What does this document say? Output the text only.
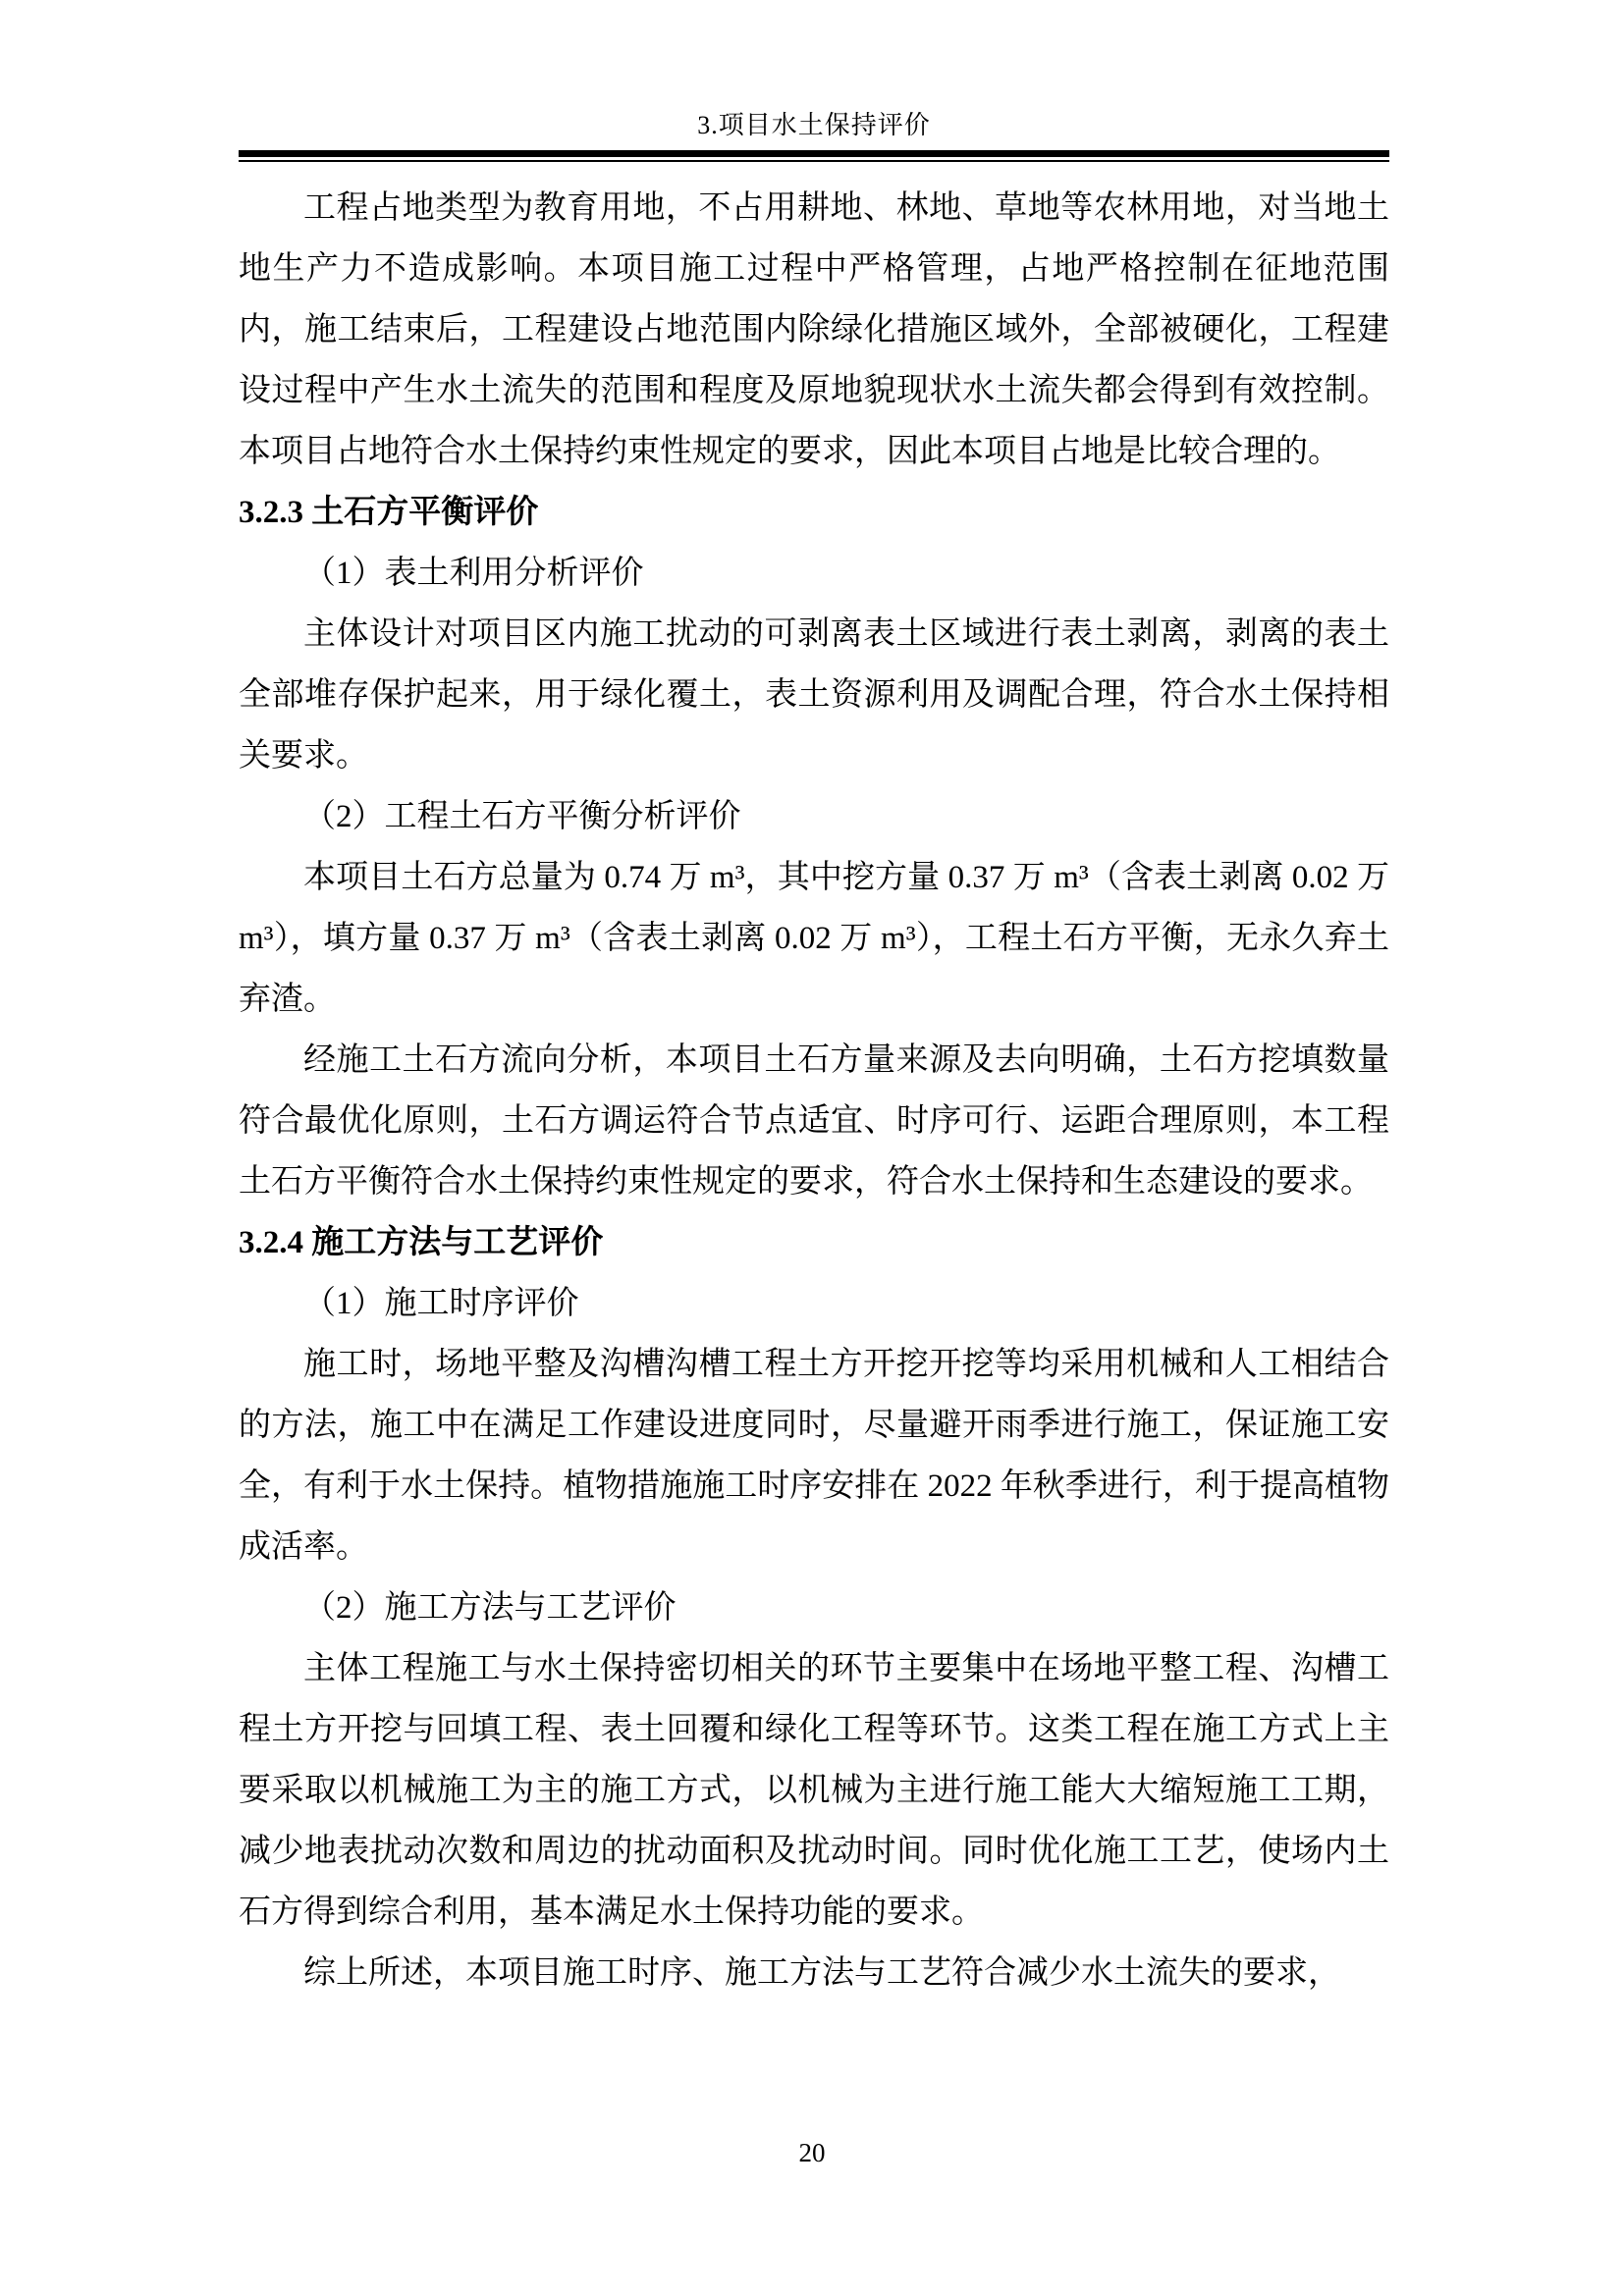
3.项目水土保持评价

工程占地类型为教育用地，不占用耕地、林地、草地等农林用地，对当地土地生产力不造成影响。本项目施工过程中严格管理，占地严格控制在征地范围内，施工结束后，工程建设占地范围内除绿化措施区域外，全部被硬化，工程建设过程中产生水土流失的范围和程度及原地貌现状水土流失都会得到有效控制。本项目占地符合水土保持约束性规定的要求，因此本项目占地是比较合理的。

3.2.3 土石方平衡评价

（1）表土利用分析评价

主体设计对项目区内施工扰动的可剥离表土区域进行表土剥离，剥离的表土全部堆存保护起来，用于绿化覆土，表土资源利用及调配合理，符合水土保持相关要求。

（2）工程土石方平衡分析评价

本项目土石方总量为 0.74 万 m³，其中挖方量 0.37 万 m³（含表土剥离 0.02 万 m³），填方量 0.37 万 m³（含表土剥离 0.02 万 m³），工程土石方平衡，无永久弃土弃渣。

经施工土石方流向分析，本项目土石方量来源及去向明确，土石方挖填数量符合最优化原则，土石方调运符合节点适宜、时序可行、运距合理原则，本工程土石方平衡符合水土保持约束性规定的要求，符合水土保持和生态建设的要求。

3.2.4 施工方法与工艺评价

（1）施工时序评价

施工时，场地平整及沟槽沟槽工程土方开挖开挖等均采用机械和人工相结合的方法，施工中在满足工作建设进度同时，尽量避开雨季进行施工，保证施工安全，有利于水土保持。植物措施施工时序安排在 2022 年秋季进行，利于提高植物成活率。

（2）施工方法与工艺评价

主体工程施工与水土保持密切相关的环节主要集中在场地平整工程、沟槽工程土方开挖与回填工程、表土回覆和绿化工程等环节。这类工程在施工方式上主要采取以机械施工为主的施工方式，以机械为主进行施工能大大缩短施工工期，减少地表扰动次数和周边的扰动面积及扰动时间。同时优化施工工艺，使场内土石方得到综合利用，基本满足水土保持功能的要求。

综上所述，本项目施工时序、施工方法与工艺符合减少水土流失的要求，

20
